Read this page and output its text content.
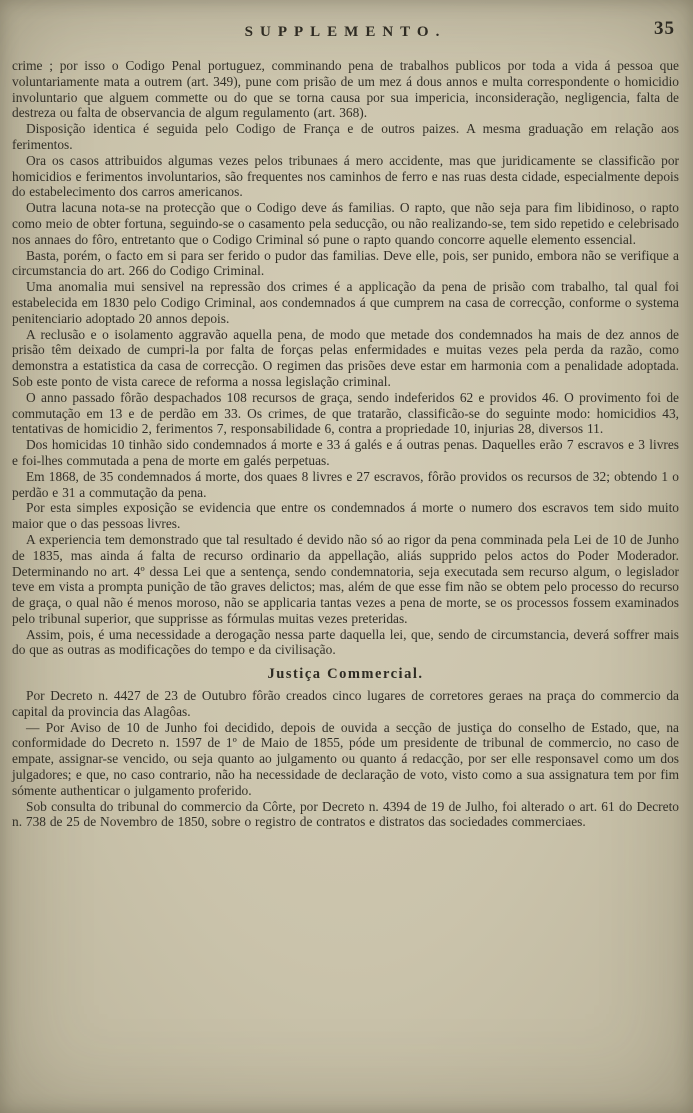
SUPPLEMENTO.	35

crime ; por isso o Codigo Penal portuguez, comminando pena de trabalhos publicos por toda a vida á pessoa que voluntariamente mata a outrem (art. 349), pune com prisão de um mez á dous annos e multa correspondente o homicidio involuntario que alguem commette ou do que se torna causa por sua impericia, inconsideração, negligencia, falta de destreza ou falta de observancia de algum regulamento (art. 368).

Disposição identica é seguida pelo Codigo de França e de outros paizes. A mesma graduação em relação aos ferimentos.

Ora os casos attribuidos algumas vezes pelos tribunaes á mero accidente, mas que juridicamente se classificão por homicidios e ferimentos involuntarios, são frequentes nos caminhos de ferro e nas ruas desta cidade, especialmente depois do estabelecimento dos carros americanos.

Outra lacuna nota-se na protecção que o Codigo deve ás familias. O rapto, que não seja para fim libidinoso, o rapto como meio de obter fortuna, seguindo-se o casamento pela seducção, ou não realizando-se, tem sido repetido e celebrisado nos annaes do fôro, entretanto que o Codigo Criminal só pune o rapto quando concorre aquelle elemento essencial.

Basta, porém, o facto em si para ser ferido o pudor das familias. Deve elle, pois, ser punido, embora não se verifique a circumstancia do art. 266 do Codigo Criminal.

Uma anomalia mui sensivel na repressão dos crimes é a applicação da pena de prisão com trabalho, tal qual foi estabelecida em 1830 pelo Codigo Criminal, aos condemnados á que cumprem na casa de correcção, conforme o systema penitenciario adoptado 20 annos depois.

A reclusão e o isolamento aggravão aquella pena, de modo que metade dos condemnados ha mais de dez annos de prisão têm deixado de cumpri-la por falta de forças pelas enfermidades e muitas vezes pela perda da razão, como demonstra a estatistica da casa de correcção. O regimen das prisões deve estar em harmonia com a penalidade adoptada. Sob este ponto de vista carece de reforma a nossa legislação criminal.

O anno passado fôrão despachados 108 recursos de graça, sendo indeferidos 62 e providos 46. O provimento foi de commutação em 13 e de perdão em 33. Os crimes, de que tratarão, classificão-se do seguinte modo: homicidios 43, tentativas de homicidio 2, ferimentos 7, responsabilidade 6, contra a propriedade 10, injurias 28, diversos 11.

Dos homicidas 10 tinhão sido condemnados á morte e 33 á galés e á outras penas. Daquelles erão 7 escravos e 3 livres e foi-lhes commutada a pena de morte em galés perpetuas.

Em 1868, de 35 condemnados á morte, dos quaes 8 livres e 27 escravos, fôrão providos os recursos de 32; obtendo 1 o perdão e 31 a commutação da pena.

Por esta simples exposição se evidencia que entre os condemnados á morte o numero dos escravos tem sido muito maior que o das pessoas livres.

A experiencia tem demonstrado que tal resultado é devido não só ao rigor da pena comminada pela Lei de 10 de Junho de 1835, mas ainda á falta de recurso ordinario da appellação, aliás supprido pelos actos do Poder Moderador. Determinando no art. 4º dessa Lei que a sentença, sendo condemnatoria, seja executada sem recurso algum, o legislador teve em vista a prompta punição de tão graves delictos; mas, além de que esse fim não se obtem pelo processo do recurso de graça, o qual não é menos moroso, não se applicaria tantas vezes a pena de morte, se os processos fossem examinados pelo tribunal superior, que supprisse as fórmulas muitas vezes preteridas.

Assim, pois, é uma necessidade a derogação nessa parte daquella lei, que, sendo de circumstancia, deverá soffrer mais do que as outras as modificações do tempo e da civilisação.

Justiça Commercial.

Por Decreto n. 4427 de 23 de Outubro fôrão creados cinco lugares de corretores geraes na praça do commercio da capital da provincia das Alagôas.

— Por Aviso de 10 de Junho foi decidido, depois de ouvida a secção de justiça do conselho de Estado, que, na conformidade do Decreto n. 1597 de 1º de Maio de 1855, póde um presidente de tribunal de commercio, no caso de empate, assignar-se vencido, ou seja quanto ao julgamento ou quanto á redacção, por ser elle responsavel como um dos julgadores; e que, no caso contrario, não ha necessidade de declaração de voto, visto como a sua assignatura tem por fim sómente authenticar o julgamento proferido.

Sob consulta do tribunal do commercio da Côrte, por Decreto n. 4394 de 19 de Julho, foi alterado o art. 61 do Decreto n. 738 de 25 de Novembro de 1850, sobre o registro de contratos e distratos das sociedades commerciaes.
